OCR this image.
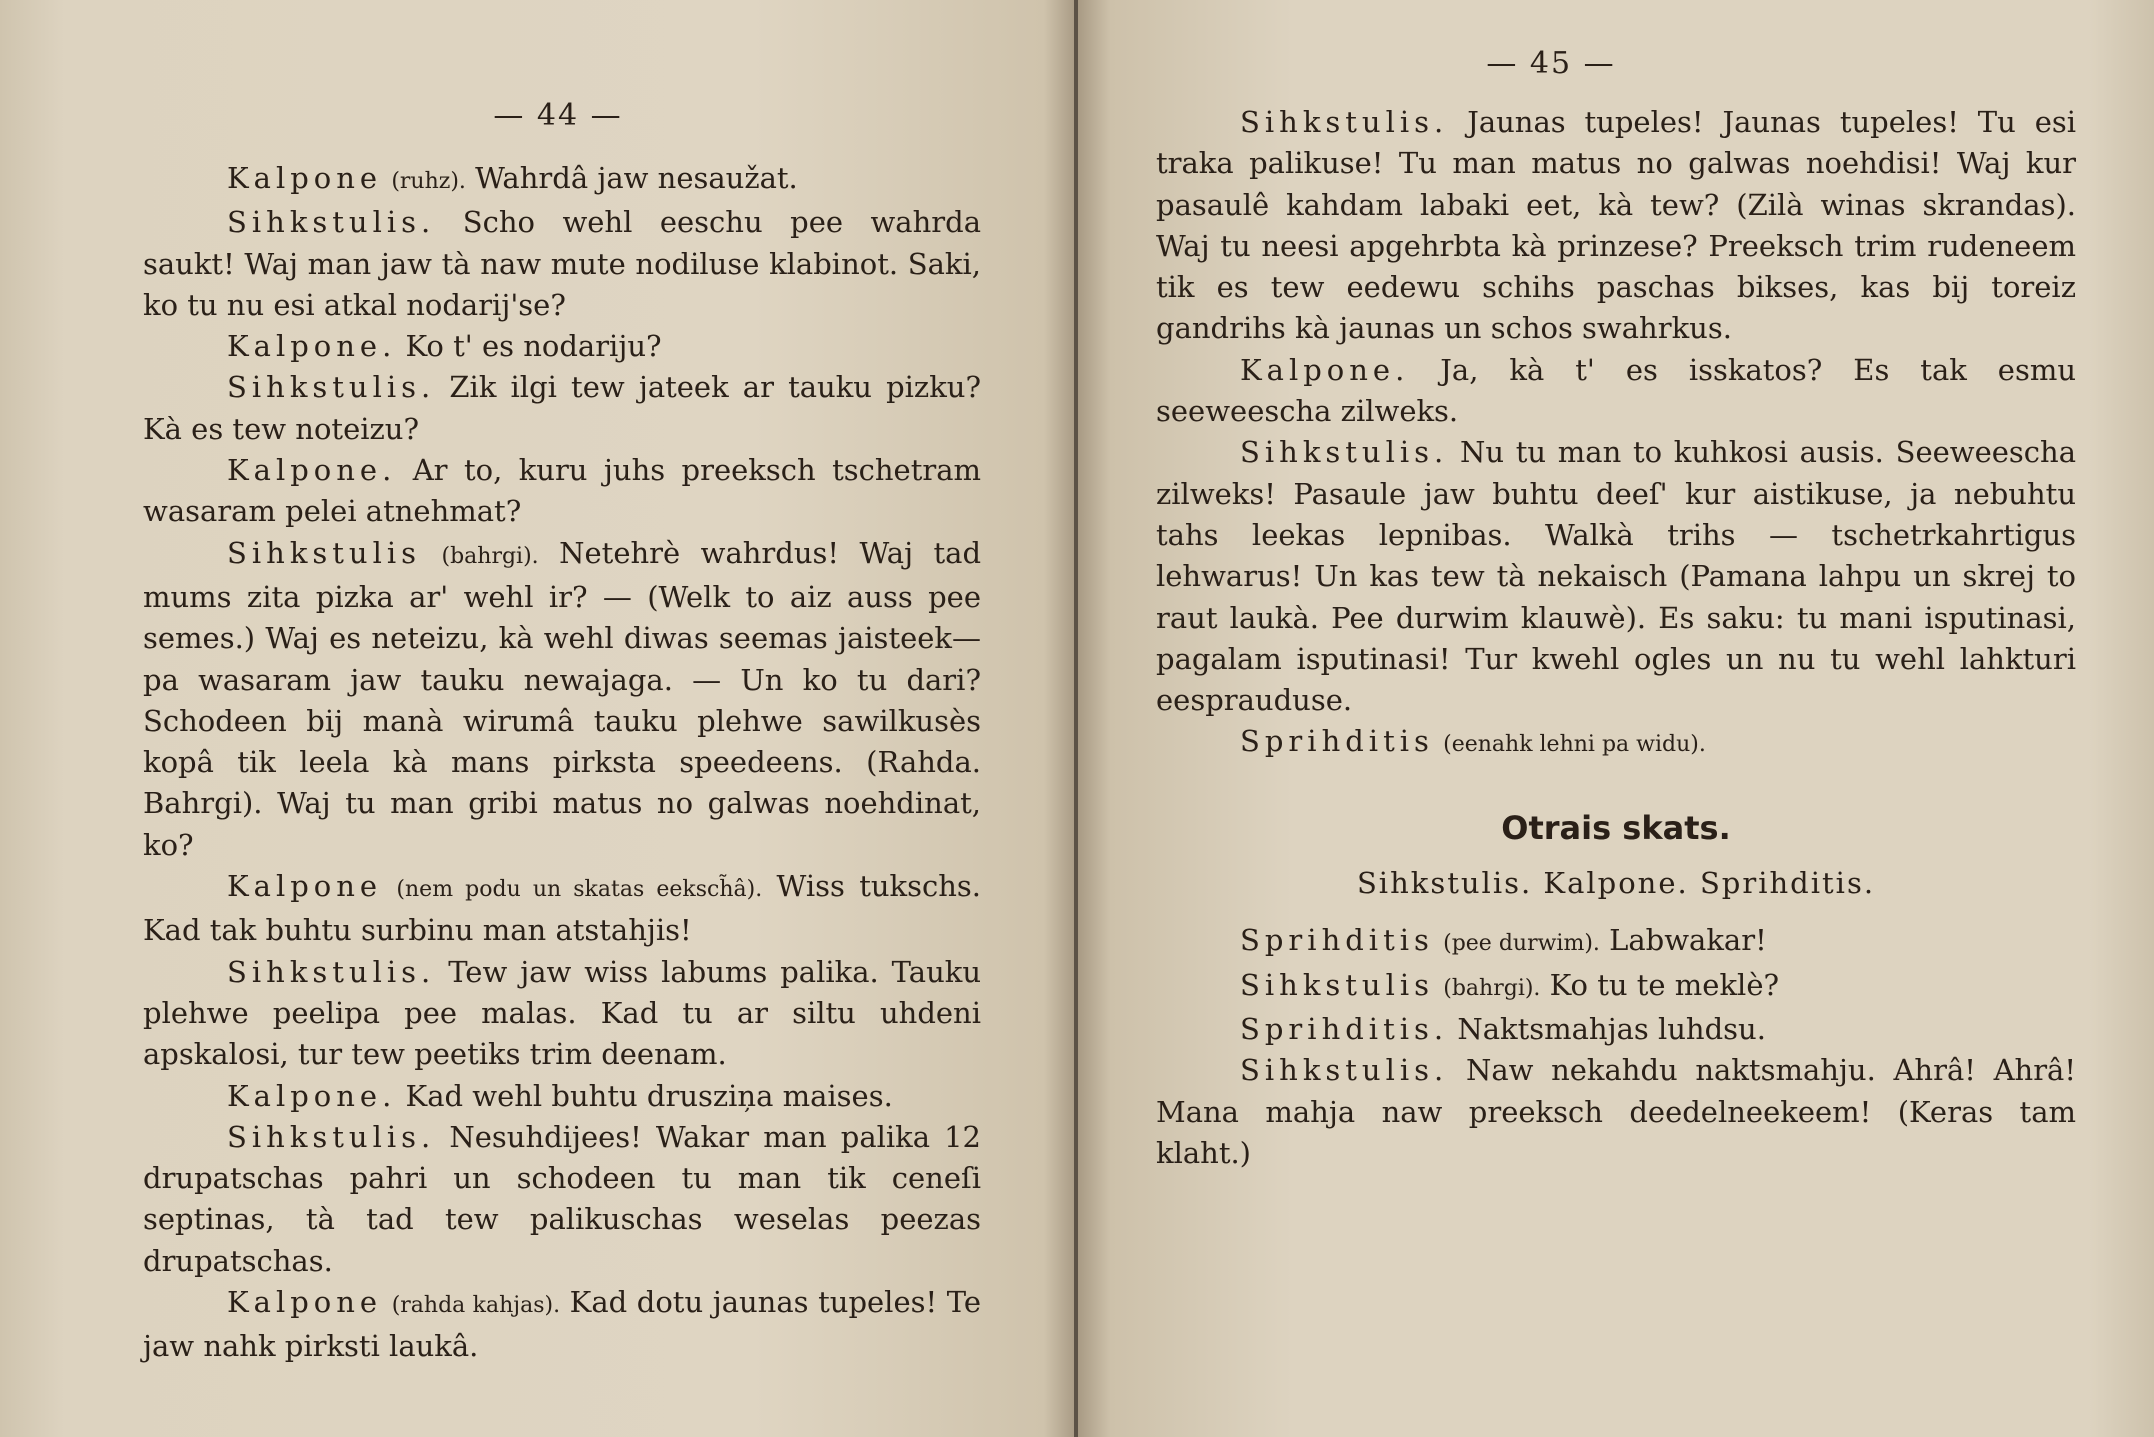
— 44 —

Kalpone (ruhz). Wahrdâ jaw nesaužat.

Sihkstulis. Scho wehl eeschu pee wahrda saukt! Waj man jaw tà naw mute nodiluse klabinot. Saki, ko tu nu esi atkal nodarij'se?

Kalpone. Ko t' es nodariju?

Sihkstulis. Zik ilgi tew jateek ar tauku pizku? Kà es tew noteizu?

Kalpone. Ar to, kuru juhs preeksch tschetram wasaram pelei atnehmat?

Sihkstulis (bahrgi). Netehrè wahrdus! Waj tad mums zita pizka ar' wehl ir? — (Welk to aiz auss pee semes.) Waj es neteizu, kà wehl diwas seemas jaisteek— pa wasaram jaw tauku newajaga. — Un ko tu dari? Schodeen bij manà wirumâ tauku plehwe sawilkusès kopâ tik leela kà mans pirksta speedeens. (Rahda. Bahrgi). Waj tu man gribi matus no galwas noehdinat, ko?

Kalpone (nem podu un skatas eeksch̃â). Wiss tukschs. Kad tak buhtu surbinu man atstahjis!

Sihkstulis. Tew jaw wiss labums palika. Tauku plehwe peelipa pee malas. Kad tu ar siltu uhdeni apskalosi, tur tew peetiks trim deenam.

Kalpone. Kad wehl buhtu drusziņa maises.

Sihkstulis. Nesuhdijees! Wakar man palika 12 drupatschas pahri un schodeen tu man tik ceneſi septinas, tà tad tew palikuschas weselas peezas drupatschas.

Kalpone (rahda kahjas). Kad dotu jaunas tupeles! Te jaw nahk pirksti laukâ.

— 45 —

Sihkstulis. Jaunas tupeles! Jaunas tupeles! Tu esi traka palikuse! Tu man matus no galwas noehdisi! Waj kur pasaulê kahdam labaki eet, kà tew? (Zilà winas skrandas). Waj tu neesi apgehrbta kà prinzese? Preeksch trim rudeneem tik es tew eedewu schihs paschas bikses, kas bij toreiz gandrihs kà jaunas un schos swahrkus.

Kalpone. Ja, kà t' es isskatos? Es tak esmu seeweescha zilweks.

Sihkstulis. Nu tu man to kuhkosi ausis. Seeweescha zilweks! Pasaule jaw buhtu deeſ' kur aistikuse, ja nebuhtu tahs leekas lepnibas. Walkà trihs — tschetrkahrtigus lehwarus! Un kas tew tà nekaisch (Pamana lahpu un skrej to raut laukà. Pee durwim klauwè). Es saku: tu mani isputinasi, pagalam isputinasi! Tur kwehl ogles un nu tu wehl lahkturi eesprauduse.

Sprihditis (eenahk lehni pa widu).

Otrais skats.

Sihkstulis. Kalpone. Sprihditis.

Sprihditis (pee durwim). Labwakar!

Sihkstulis (bahrgi). Ko tu te meklè?

Sprihditis. Naktsmahjas luhdsu.

Sihkstulis. Naw nekahdu naktsmahju. Ahrâ! Ahrâ! Mana mahja naw preeksch deedelneekeem! (Keras tam klaht.)
